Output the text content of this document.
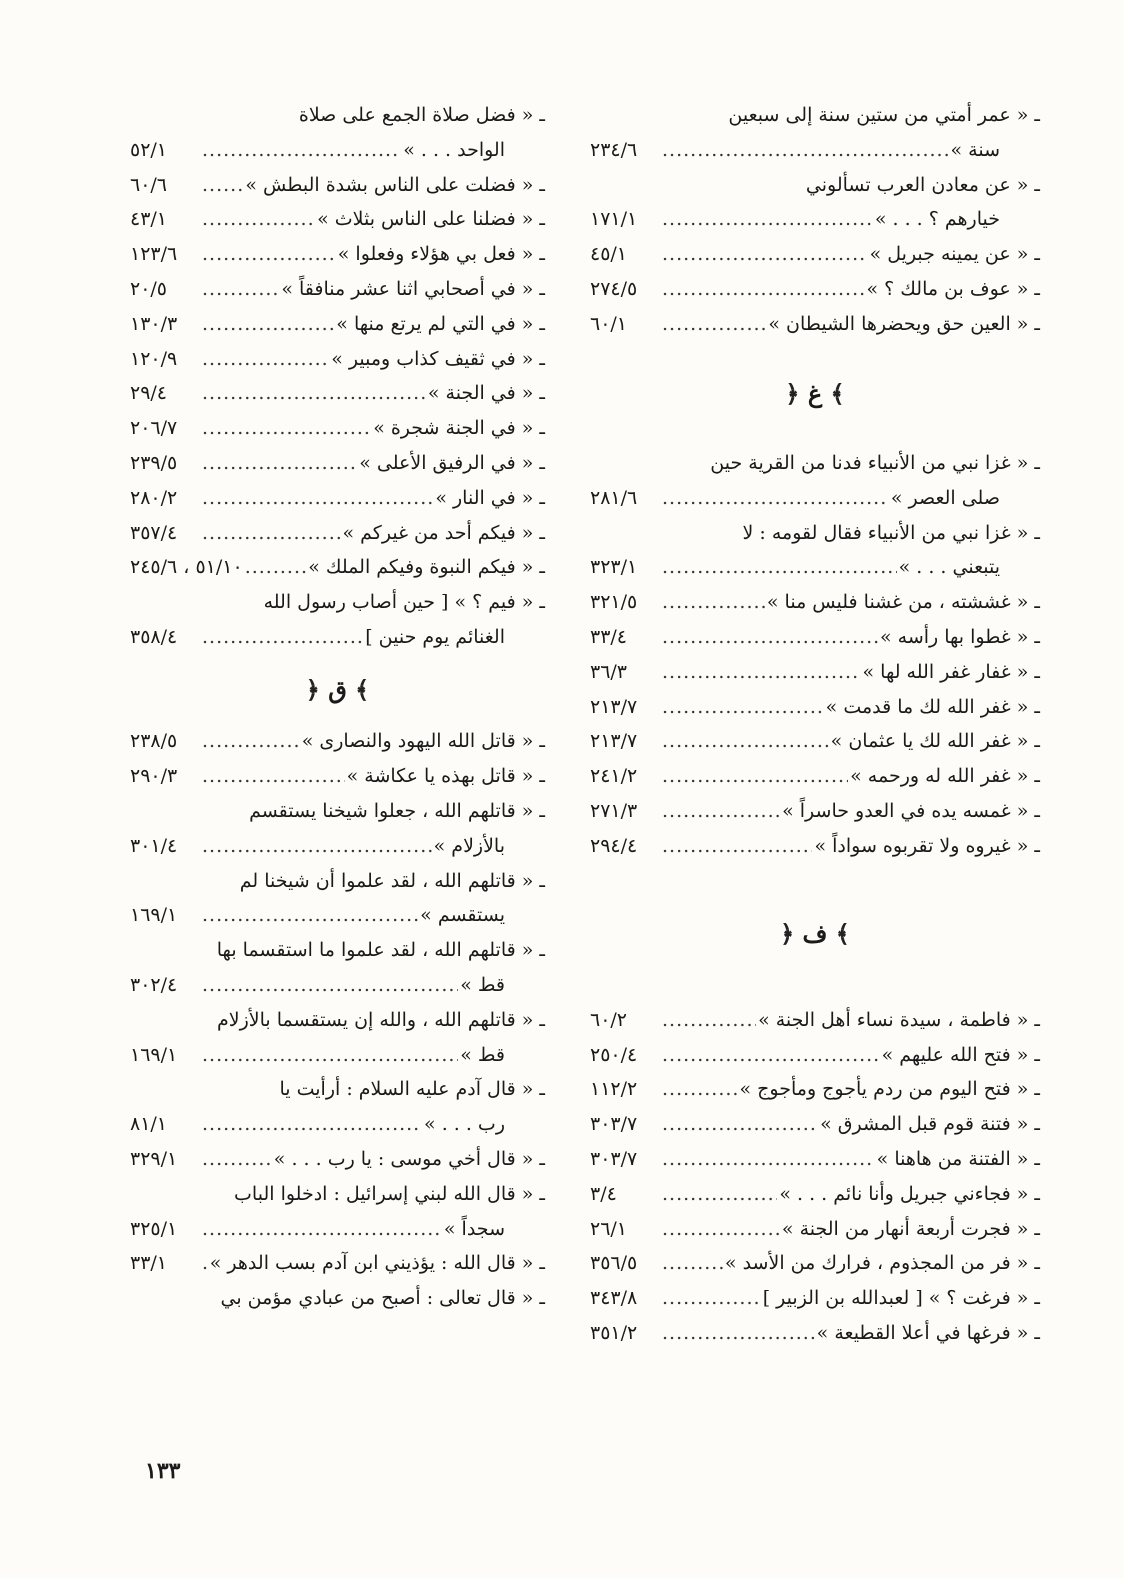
ـ « عمر أمتي من ستين سنة إلى سبعين
سنة »
.....
٢٣٤/٦
ـ « عن معادن العرب تسألوني
خيارهم ؟ . . . »
.....
١٧١/١
ـ « عن يمينه جبريل »
.....
٤٥/١
ـ « عوف بن مالك ؟ »
.....
٢٧٤/٥
ـ « العين حق ويحضرها الشيطان »
.....
٦٠/١
﴾ غ ﴿
ـ « غزا نبي من الأنبياء فدنا من القرية حين
صلى العصر »
.....
٢٨١/٦
ـ « غزا نبي من الأنبياء فقال لقومه : لا
يتبعني . . . »
.....
٣٢٣/١
ـ « غششته ، من غشنا فليس منا »
.....
٣٢١/٥
ـ « غطوا بها رأسه »
.....
٣٣/٤
ـ « غفار غفر الله لها »
.....
٣٦/٣
ـ « غفر الله لك ما قدمت »
.....
٢١٣/٧
ـ « غفر الله لك يا عثمان »
.....
٢١٣/٧
ـ « غفر الله له ورحمه »
.....
٢٤١/٢
ـ « غمسه يده في العدو حاسراً »
.....
٢٧١/٣
ـ « غيروه ولا تقربوه سواداً »
.....
٢٩٤/٤
﴾ ف ﴿
ـ « فاطمة ، سيدة نساء أهل الجنة »
.....
٦٠/٢
ـ « فتح الله عليهم »
.....
٢٥٠/٤
ـ « فتح اليوم من ردم يأجوج ومأجوج »
.....
١١٢/٢
ـ « فتنة قوم قبل المشرق »
.....
٣٠٣/٧
ـ « الفتنة من هاهنا »
.....
٣٠٣/٧
ـ « فجاءني جبريل وأنا نائم . . . »
.....
٣/٤
ـ « فجرت أربعة أنهار من الجنة »
.....
٢٦/١
ـ « فر من المجذوم ، فرارك من الأسد »
.....
٣٥٦/٥
ـ « فرغت ؟ » [ لعبدالله بن الزبير ]
.....
٣٤٣/٨
ـ « فرغها في أعلا القطيعة »
.....
٣٥١/٢
ـ « فضل صلاة الجمع على صلاة
الواحد . . . »
.....
٥٢/١
ـ « فضلت على الناس بشدة البطش »
.....
٦٠/٦
ـ « فضلنا على الناس بثلاث »
.....
٤٣/١
ـ « فعل بي هؤلاء وفعلوا »
.....
١٢٣/٦
ـ « في أصحابي اثنا عشر منافقاً »
.....
٢٠/٥
ـ « في التي لم يرتع منها »
.....
١٣٠/٣
ـ « في ثقيف كذاب ومبير »
.....
١٢٠/٩
ـ « في الجنة »
.....
٢٩/٤
ـ « في الجنة شجرة »
.....
٢٠٦/٧
ـ « في الرفيق الأعلى »
.....
٢٣٩/٥
ـ « في النار »
.....
٢٨٠/٢
ـ « فيكم أحد من غيركم »
.....
٣٥٧/٤
ـ « فيكم النبوة وفيكم الملك »
.....
٥١/١٠ ، ٢٤٥/٦
ـ « فيم ؟ » [ حين أصاب رسول الله
الغنائم يوم حنين ]
.....
٣٥٨/٤
﴾ ق ﴿
ـ « قاتل الله اليهود والنصارى »
.....
٢٣٨/٥
ـ « قاتل بهذه يا عكاشة »
.....
٢٩٠/٣
ـ « قاتلهم الله ، جعلوا شيخنا يستقسم
بالأزلام »
.....
٣٠١/٤
ـ « قاتلهم الله ، لقد علموا أن شيخنا لم
يستقسم »
.....
١٦٩/١
ـ « قاتلهم الله ، لقد علموا ما استقسما بها
قط »
.....
٣٠٢/٤
ـ « قاتلهم الله ، والله إن يستقسما بالأزلام
قط »
.....
١٦٩/١
ـ « قال آدم عليه السلام : أرأيت يا
رب . . . »
.....
٨١/١
ـ « قال أخي موسى : يا رب . . . »
.....
٣٢٩/١
ـ « قال الله لبني إسرائيل : ادخلوا الباب
سجداً »
.....
٣٢٥/١
ـ « قال الله : يؤذيني ابن آدم بسب الدهر »
.....
٣٣/١
ـ « قال تعالى : أصبح من عبادي مؤمن بي
١٣٣
